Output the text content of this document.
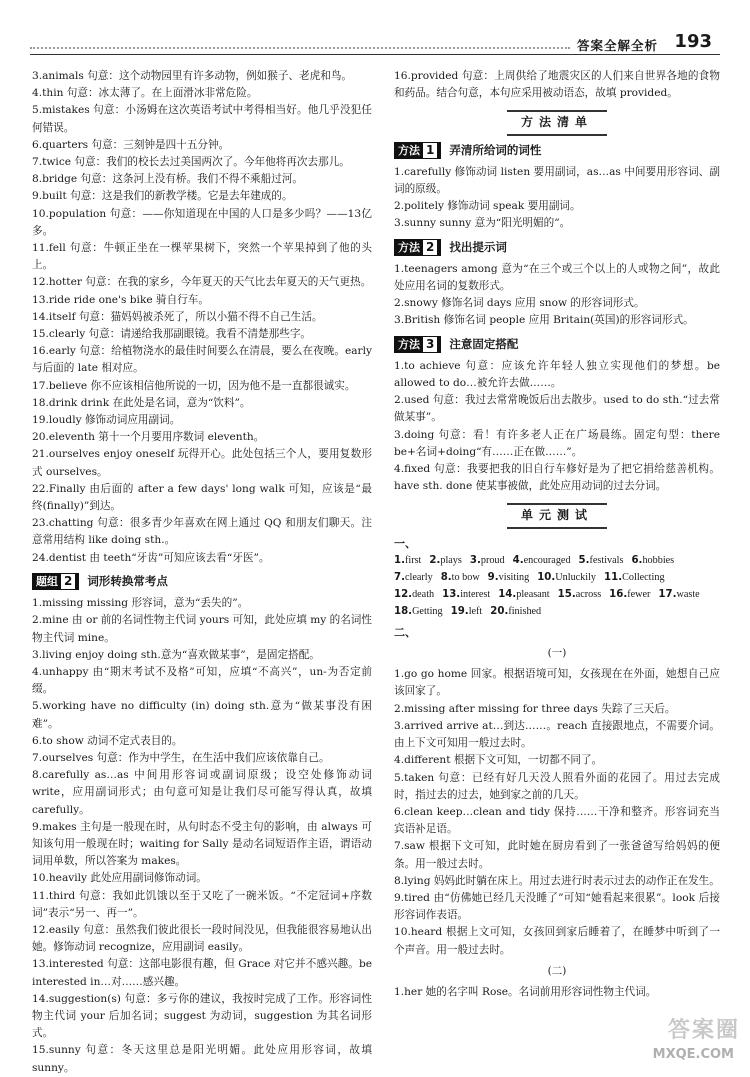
答案全解全析 193
3.animals 句意：这个动物园里有许多动物，例如猴子、老虎和鸟。
4.thin 句意：冰太薄了。在上面滑冰非常危险。
5.mistakes 句意：小汤姆在这次英语考试中考得相当好。他几乎没犯任何错误。
6.quarters 句意：三刻钟是四十五分钟。
7.twice 句意：我们的校长去过美国两次了。今年他将再次去那儿。
8.bridge 句意：这条河上没有桥。我们不得不乘船过河。
9.built 句意：这是我们的新教学楼。它是去年建成的。
10.population 句意：——你知道现在中国的人口是多少吗？——13亿多。
11.fell 句意：牛顿正坐在一棵苹果树下，突然一个苹果掉到了他的头上。
12.hotter 句意：在我的家乡，今年夏天的天气比去年夏天的天气更热。
13.ride ride one's bike 骑自行车。
14.itself 句意：猫妈妈被杀死了，所以小猫不得不自己生活。
15.clearly 句意：请递给我那副眼镜。我看不清楚那些字。
16.early 句意：给植物浇水的最佳时间要么在清晨，要么在夜晚。early与后面的 late 相对应。
17.believe 你不应该相信他所说的一切，因为他不是一直都很诚实。
18.drink drink 在此处是名词，意为“饮料”。
19.loudly 修饰动词应用副词。
20.eleventh 第十一个月要用序数词 eleventh。
21.ourselves enjoy oneself 玩得开心。此处包括三个人，要用复数形式 ourselves。
22.Finally 由后面的 after a few days' long walk 可知，应该是“最终(finally)”到达。
23.chatting 句意：很多青少年喜欢在网上通过 QQ 和朋友们聊天。注意常用结构 like doing sth.。
24.dentist 由 teeth“牙齿”可知应该去看“牙医”。
题组 2	词形转换常考点
1.missing missing 形容词，意为“丢失的”。
2.mine 由 or 前的名词性物主代词 yours 可知，此处应填 my 的名词性物主代词 mine。
3.living enjoy doing sth.意为“喜欢做某事”，是固定搭配。
4.unhappy 由“期末考试不及格”可知，应填“不高兴”，un-为否定前缀。
5.working have no difficulty (in) doing sth.意为“做某事没有困难”。
6.to show 动词不定式表目的。
7.ourselves 句意：作为中学生，在生活中我们应该依靠自己。
8.carefully as…as 中间用形容词或副词原级；设空处修饰动词 write，应用副词形式；由句意可知是让我们尽可能写得认真，故填 carefully。
9.makes 主句是一般现在时，从句时态不受主句的影响，由 always 可知该句用一般现在时；waiting for Sally 是动名词短语作主语，谓语动词用单数，所以答案为 makes。
10.heavily 此处应用副词修饰动词。
11.third 句意：我如此饥饿以至于又吃了一碗米饭。“不定冠词+序数词”表示“另一、再一”。
12.easily 句意：虽然我们彼此很长一段时间没见，但我能很容易地认出她。修饰动词 recognize，应用副词 easily。
13.interested 句意：这部电影很有趣，但 Grace 对它并不感兴趣。be interested in…对……感兴趣。
14.suggestion(s) 句意：多亏你的建议，我按时完成了工作。形容词性物主代词 your 后加名词；suggest 为动词，suggestion 为其名词形式。
15.sunny 句意：冬天这里总是阳光明媚。此处应用形容词，故填 sunny。
16.provided 句意：上周供给了地震灾区的人们来自世界各地的食物和药品。结合句意，本句应采用被动语态，故填 provided。
方法清单
方法 1	弄清所给词的词性
1.carefully 修饰动词 listen 要用副词，as…as 中间要用形容词、副词的原级。
2.politely 修饰动词 speak 要用副词。
3.sunny sunny 意为“阳光明媚的”。
方法 2	找出提示词
1.teenagers among 意为“在三个或三个以上的人或物之间”，故此处应用名词的复数形式。
2.snowy 修饰名词 days 应用 snow 的形容词形式。
3.British 修饰名词 people 应用 Britain(英国)的形容词形式。
方法 3	注意固定搭配
1.to achieve 句意：应该允许年轻人独立实现他们的梦想。be allowed to do…被允许去做……。
2.used 句意：我过去常常晚饭后出去散步。used to do sth.“过去常做某事”。
3.doing 句意：看！有许多老人正在广场晨练。固定句型：there be+名词+doing“有……正在做……”。
4.fixed 句意：我要把我的旧自行车修好是为了把它捐给慈善机构。have sth. done 使某事被做，此处应用动词的过去分词。
单元测试
一、
1.first 2.plays 3.proud 4.encouraged 5.festivals 6.hobbies
7.clearly 8.to bow 9.visiting 10.Unluckily 11.Collecting
12.death 13.interest 14.pleasant 15.across 16.fewer 17.waste
18.Getting 19.left 20.finished
二、
(一)
1.go go home 回家。根据语境可知，女孩现在在外面，她想自己应该回家了。
2.missing after missing for three days 失踪了三天后。
3.arrived arrive at…到达……。reach 直接跟地点，不需要介词。由上下文可知用一般过去时。
4.different 根据下文可知，一切都不同了。
5.taken 句意：已经有好几天没人照看外面的花园了。用过去完成时，指过去的过去，她到家之前的几天。
6.clean keep…clean and tidy 保持……干净和整齐。形容词充当宾语补足语。
7.saw 根据下文可知，此时她在厨房看到了一张爸爸写给妈妈的便条。用一般过去时。
8.lying 妈妈此时躺在床上。用过去进行时表示过去的动作正在发生。
9.tired 由“仿佛她已经几天没睡了”可知“她看起来很累”。look 后接形容词作表语。
10.heard 根据上文可知，女孩回到家后睡着了，在睡梦中听到了一个声音。用一般过去时。
(二)
1.her 她的名字叫 Rose。名词前用形容词性物主代词。
答案圈
MXQE.COM
